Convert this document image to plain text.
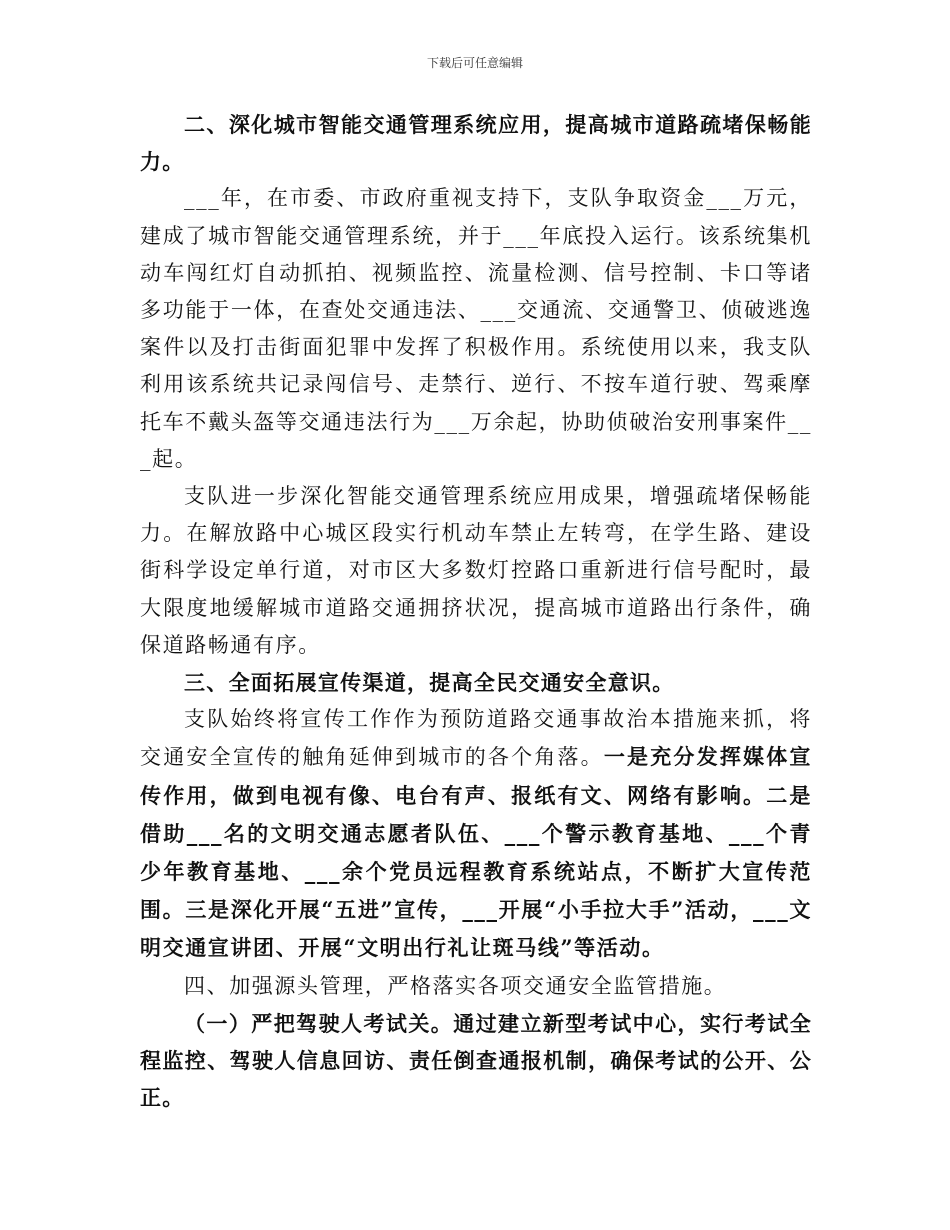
下载后可任意编辑

二、深化城市智能交通管理系统应用，提高城市道路疏堵保畅能力。

___年，在市委、市政府重视支持下，支队争取资金___万元，建成了城市智能交通管理系统，并于___年底投入运行。该系统集机动车闯红灯自动抓拍、视频监控、流量检测、信号控制、卡口等诸多功能于一体，在查处交通违法、___交通流、交通警卫、侦破逃逸案件以及打击街面犯罪中发挥了积极作用。系统使用以来，我支队利用该系统共记录闯信号、走禁行、逆行、不按车道行驶、驾乘摩托车不戴头盔等交通违法行为___万余起，协助侦破治安刑事案件___起。

支队进一步深化智能交通管理系统应用成果，增强疏堵保畅能力。在解放路中心城区段实行机动车禁止左转弯，在学生路、建设街科学设定单行道，对市区大多数灯控路口重新进行信号配时，最大限度地缓解城市道路交通拥挤状况，提高城市道路出行条件，确保道路畅通有序。

三、全面拓展宣传渠道，提高全民交通安全意识。

支队始终将宣传工作作为预防道路交通事故治本措施来抓，将交通安全宣传的触角延伸到城市的各个角落。一是充分发挥媒体宣传作用，做到电视有像、电台有声、报纸有文、网络有影响。二是借助___名的文明交通志愿者队伍、___个警示教育基地、___个青少年教育基地、___余个党员远程教育系统站点，不断扩大宣传范围。三是深化开展“五进”宣传，___开展“小手拉大手”活动，___文明交通宣讲团、开展“文明出行礼让斑马线”等活动。

四、加强源头管理，严格落实各项交通安全监管措施。

（一）严把驾驶人考试关。通过建立新型考试中心，实行考试全程监控、驾驶人信息回访、责任倒查通报机制，确保考试的公开、公正。
